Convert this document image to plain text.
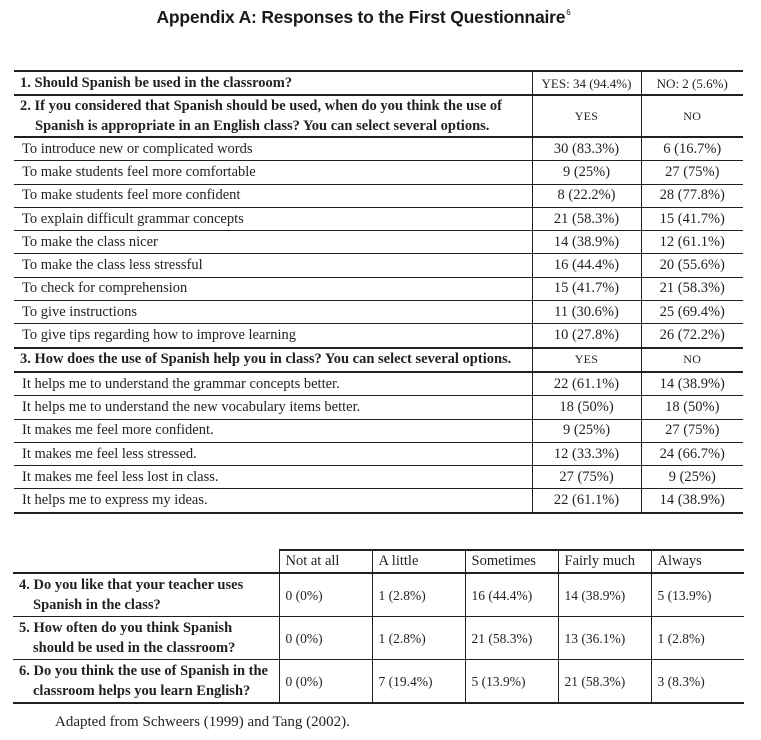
Appendix A: Responses to the First Questionnaire$^6$
1. Should Spanish be used in the classroom?	YES: 34 (94.4%)	NO: 2 (5.6%)
2. If you considered that Spanish should be used, when do you think the use of
Spanish is appropriate in an English class? You can select several options.	YES	NO
To introduce new or complicated words	30 (83.3%)	6 (16.7%)
To make students feel more comfortable	9 (25%)	27 (75%)
To make students feel more confident	8 (22.2%)	28 (77.8%)
To explain difficult grammar concepts	21 (58.3%)	15 (41.7%)
To make the class nicer	14 (38.9%)	12 (61.1%)
To make the class less stressful	16 (44.4%)	20 (55.6%)
To check for comprehension	15 (41.7%)	21 (58.3%)
To give instructions	11 (30.6%)	25 (69.4%)
To give tips regarding how to improve learning	10 (27.8%)	26 (72.2%)
3. How does the use of Spanish help you in class? You can select several options.	YES	NO
It helps me to understand the grammar concepts better.	22 (61.1%)	14 (38.9%)
It helps me to understand the new vocabulary items better.	18 (50%)	18 (50%)
It makes me feel more confident.	9 (25%)	27 (75%)
It makes me feel less stressed.	12 (33.3%)	24 (66.7%)
It makes me feel less lost in class.	27 (75%)	9 (25%)
It helps me to express my ideas.	22 (61.1%)	14 (38.9%)
	Not at all	A little	Sometimes	Fairly much	Always
4. Do you like that your teacher uses
Spanish in the class?	0 (0%)	1 (2.8%)	16 (44.4%)	14 (38.9%)	5 (13.9%)
5. How often do you think Spanish
should be used in the classroom?	0 (0%)	1 (2.8%)	21 (58.3%)	13 (36.1%)	1 (2.8%)
6. Do you think the use of Spanish in the
classroom helps you learn English?	0 (0%)	7 (19.4%)	5 (13.9%)	21 (58.3%)	3 (8.3%)
Adapted from Schweers (1999) and Tang (2002).
